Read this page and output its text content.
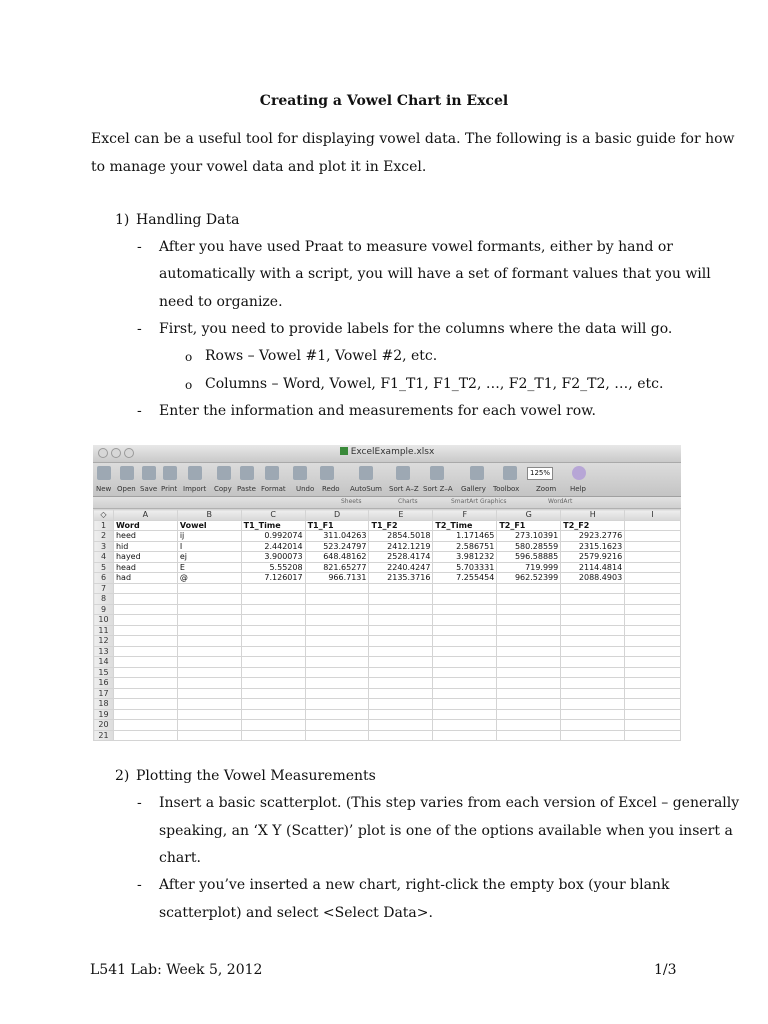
Creating a Vowel Chart in Excel
Excel can be a useful tool for displaying vowel data. The following is a basic guide for how
to manage your vowel data and plot it in Excel.
1) Handling Data
- After you have used Praat to measure vowel formants, either by hand or
automatically with a script, you will have a set of formant values that you will
need to organize.
- First, you need to provide labels for the columns where the data will go.
o Rows – Vowel #1, Vowel #2, etc.
o Columns – Word, Vowel, F1_T1, F1_T2, …, F2_T1, F2_T2, …, etc.
- Enter the information and measurements for each vowel row.
ExcelExample.xlsx
125%
New Open Save Print Import Copy Paste Format Undo Redo AutoSum Sort A–Z Sort Z–A Gallery Toolbox Zoom Help
Sheets	Charts	SmartArt Graphics	WordArt
◇	A	B	C	D	E	F	G	H	I
1	Word	Vowel	T1_Time	T1_F1	T1_F2	T2_Time	T2_F1	T2_F2	
2	heed	ij	0.992074	311.04263	2854.5018	1.171465	273.10391	2923.2776	
3	hid	I	2.442014	523.24797	2412.1219	2.586751	580.28559	2315.1623	
4	hayed	ej	3.900073	648.48162	2528.4174	3.981232	596.58885	2579.9216	
5	head	E	5.55208	821.65277	2240.4247	5.703331	719.999	2114.4814	
6	had	@	7.126017	966.7131	2135.3716	7.255454	962.52399	2088.4903	
7									
8									
9									
10									
11									
12									
13									
14									
15									
16									
17									
18									
19									
20									
21									
2) Plotting the Vowel Measurements
- Insert a basic scatterplot. (This step varies from each version of Excel – generally
speaking, an ‘X Y (Scatter)’ plot is one of the options available when you insert a
chart.
- After you’ve inserted a new chart, right-click the empty box (your blank
scatterplot) and select <Select Data>.
L541 Lab: Week 5, 2012	1/3
